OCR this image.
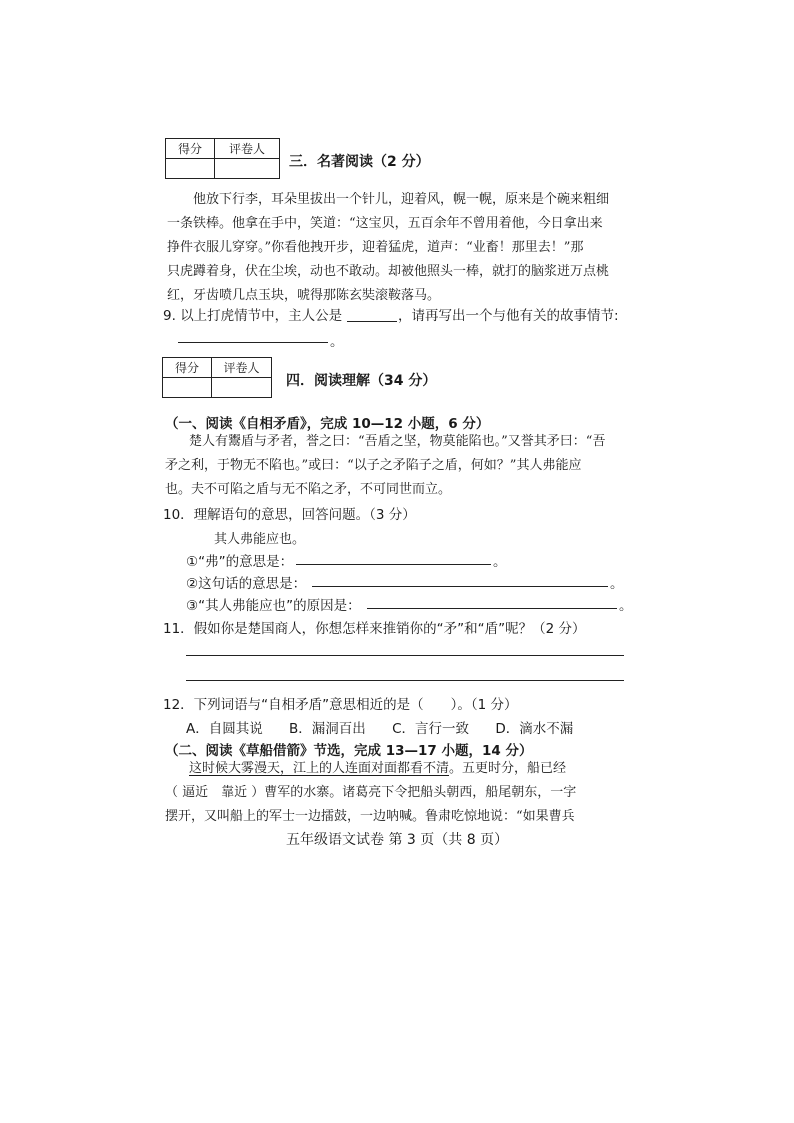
得分	评卷人

三．名著阅读（2 分）
他放下行李，耳朵里拔出一个针儿，迎着风，幌一幌，原来是个碗来粗细
一条铁棒。他拿在手中，笑道：“这宝贝，五百余年不曾用着他，今日拿出来
挣件衣服儿穿穿。”你看他拽开步，迎着猛虎，道声：“业畜！那里去！”那
只虎蹲着身，伏在尘埃，动也不敢动。却被他照头一棒，就打的脑浆迸万点桃
红，牙齿喷几点玉块，唬得那陈玄奘滚鞍落马。
9. 以上打虎情节中，主人公是	，请再写出一个与他有关的故事情节:
。
得分	评卷人

四．阅读理解（34 分）
（一、阅读《自相矛盾》，完成 10—12 小题，6 分）
楚人有鬻盾与矛者，誉之曰：“吾盾之坚，物莫能陷也。”又誉其矛曰：“吾
矛之利，于物无不陷也。”或曰：“以子之矛陷子之盾，何如？”其人弗能应
也。夫不可陷之盾与无不陷之矛，不可同世而立。
10．理解语句的意思，回答问题。（3 分）
其人弗能应也。
①“弗”的意思是：	。
②这句话的意思是：	。
③“其人弗能应也”的原因是：	。
11．假如你是楚国商人，你想怎样来推销你的“矛”和“盾”呢？（2 分）
12．下列词语与“自相矛盾”意思相近的是（　　）。（1 分）
A．自圆其说 B．漏洞百出 C．言行一致 D．滴水不漏
（二、阅读《草船借箭》节选，完成 13—17 小题，14 分）
这时候大雾漫天，江上的人连面对面都看不清。五更时分，船已经
（ 逼近　靠近 ）曹军的水寨。诸葛亮下令把船头朝西，船尾朝东，一字
摆开，又叫船上的军士一边擂鼓，一边呐喊。鲁肃吃惊地说：“如果曹兵
五年级语文试卷 第 3 页（共 8 页）
